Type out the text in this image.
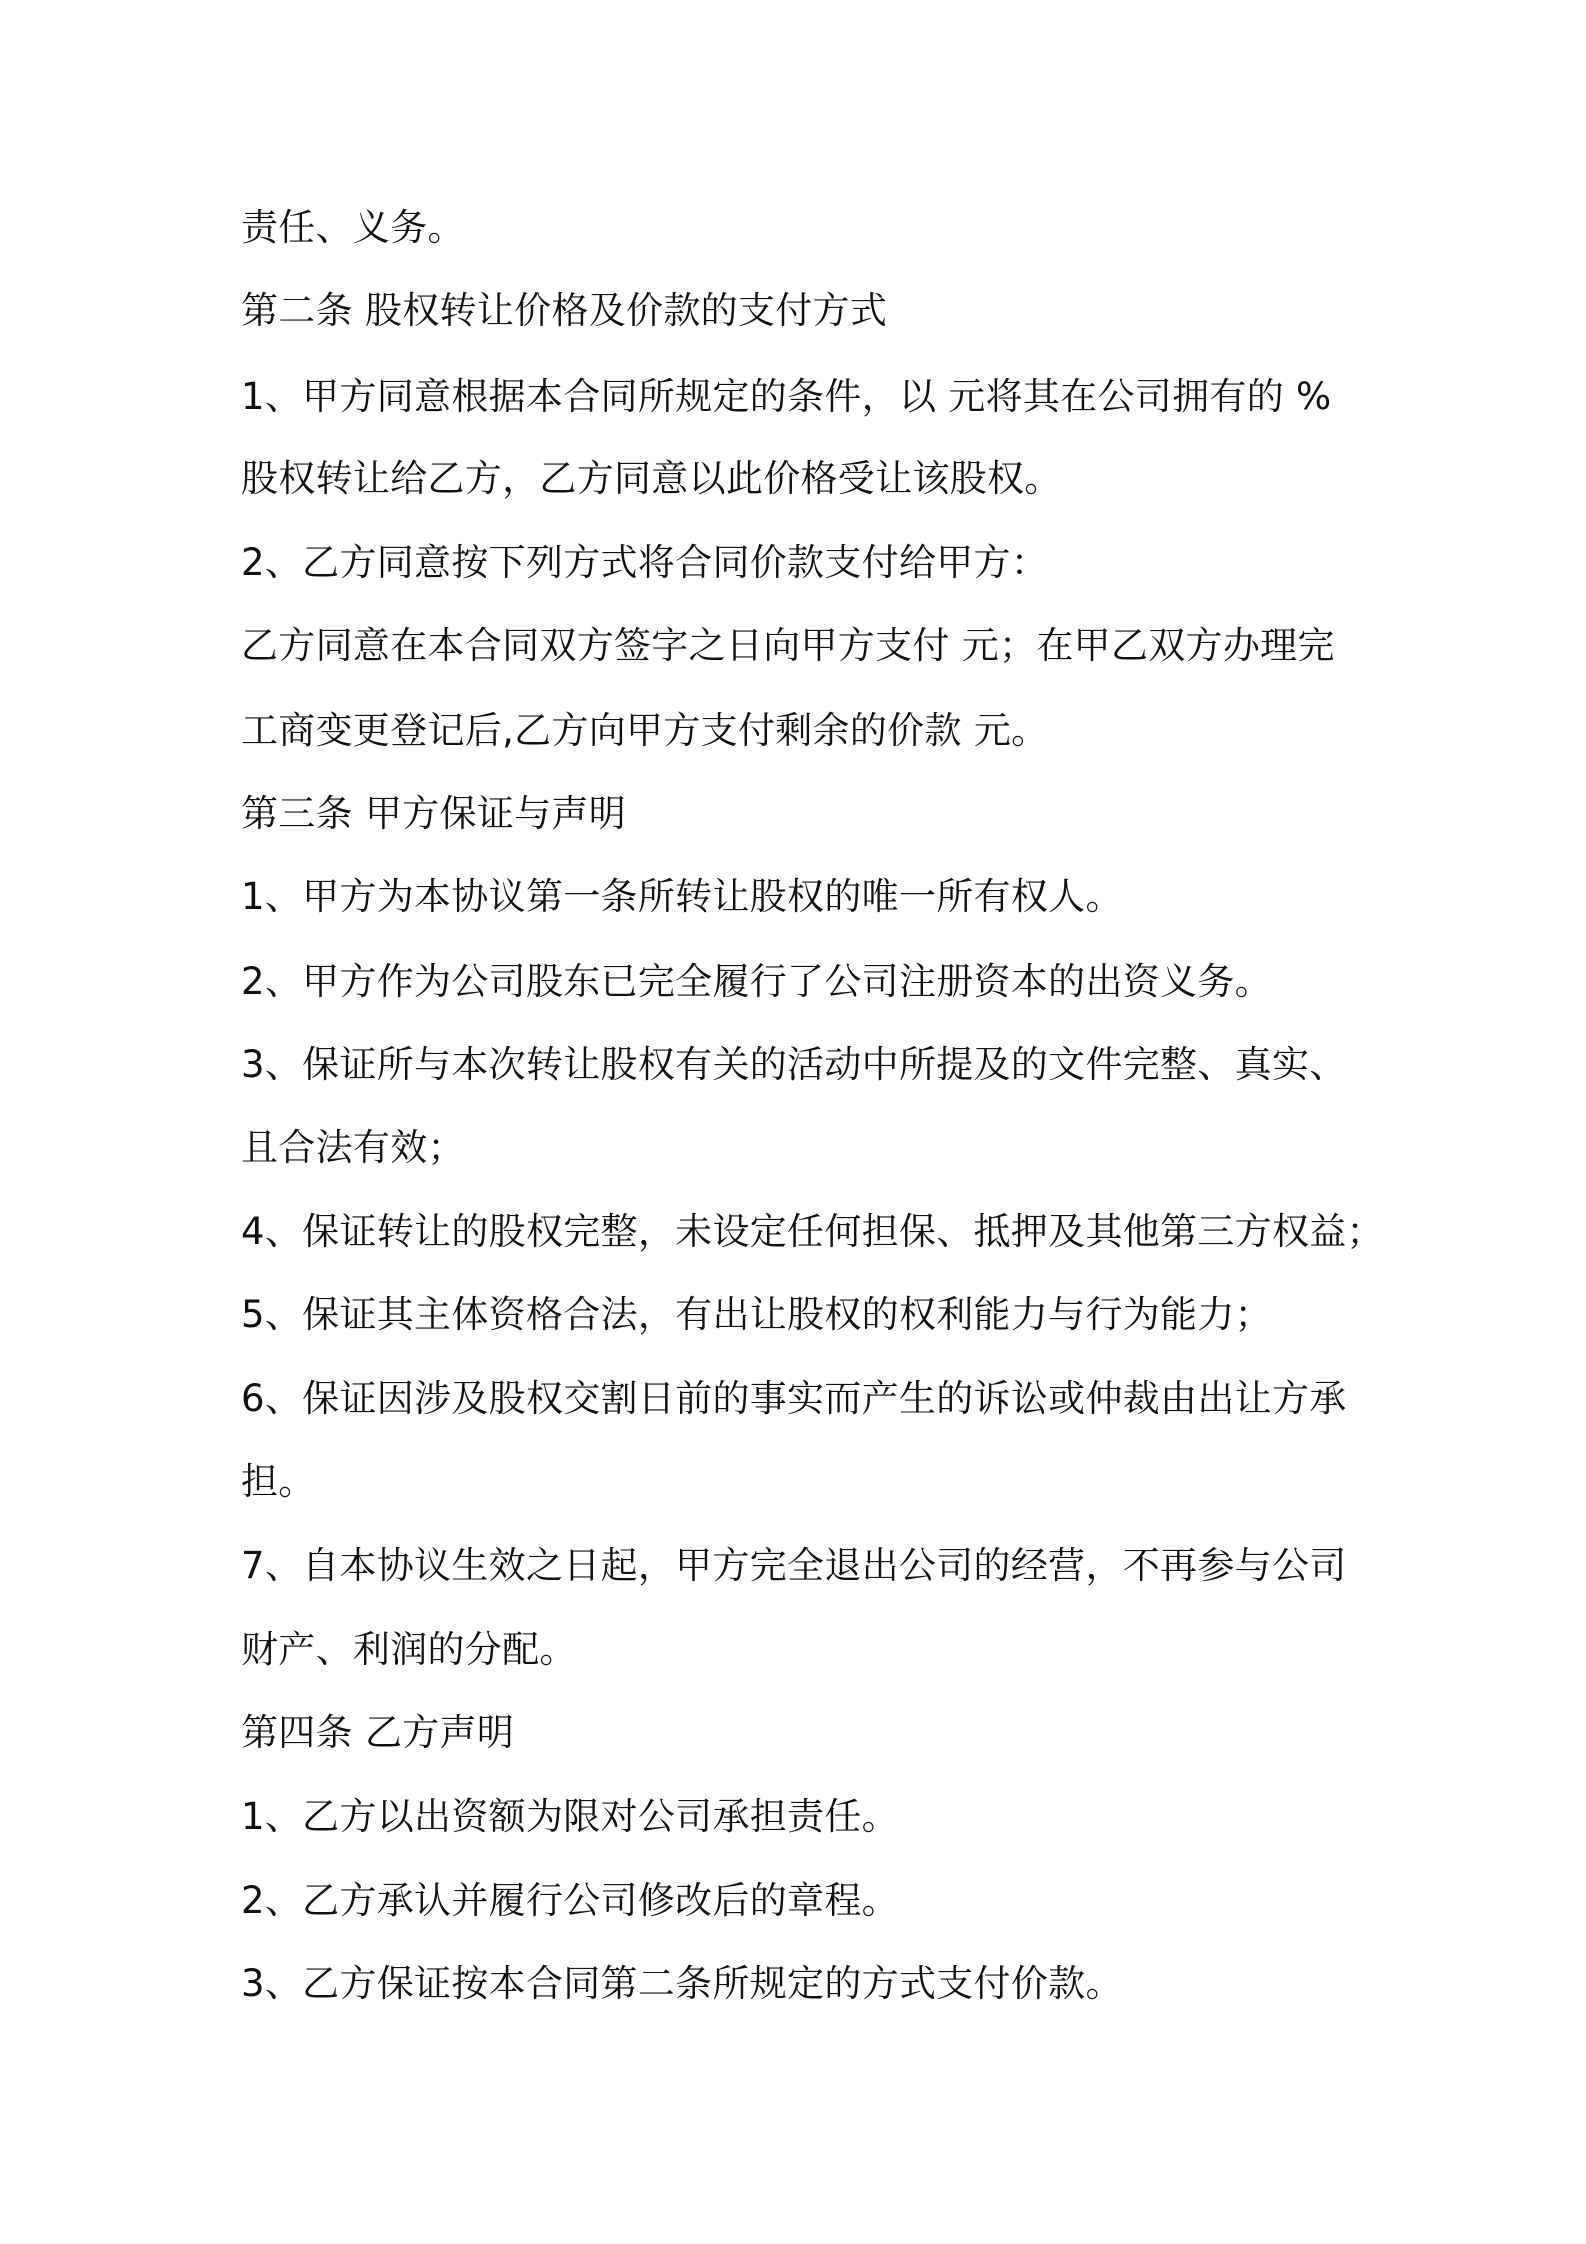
责任、义务。

第二条 股权转让价格及价款的支付方式

1、甲方同意根据本合同所规定的条件，以 元将其在公司拥有的 %

股权转让给乙方，乙方同意以此价格受让该股权。

2、乙方同意按下列方式将合同价款支付给甲方：

乙方同意在本合同双方签字之日向甲方支付 元；在甲乙双方办理完

工商变更登记后,乙方向甲方支付剩余的价款 元。

第三条 甲方保证与声明

1、甲方为本协议第一条所转让股权的唯一所有权人。

2、甲方作为公司股东已完全履行了公司注册资本的出资义务。

3、保证所与本次转让股权有关的活动中所提及的文件完整、真实、

且合法有效；

4、保证转让的股权完整，未设定任何担保、抵押及其他第三方权益；

5、保证其主体资格合法，有出让股权的权利能力与行为能力；

6、保证因涉及股权交割日前的事实而产生的诉讼或仲裁由出让方承

担。

7、自本协议生效之日起，甲方完全退出公司的经营，不再参与公司

财产、利润的分配。

第四条 乙方声明

1、乙方以出资额为限对公司承担责任。

2、乙方承认并履行公司修改后的章程。

3、乙方保证按本合同第二条所规定的方式支付价款。
